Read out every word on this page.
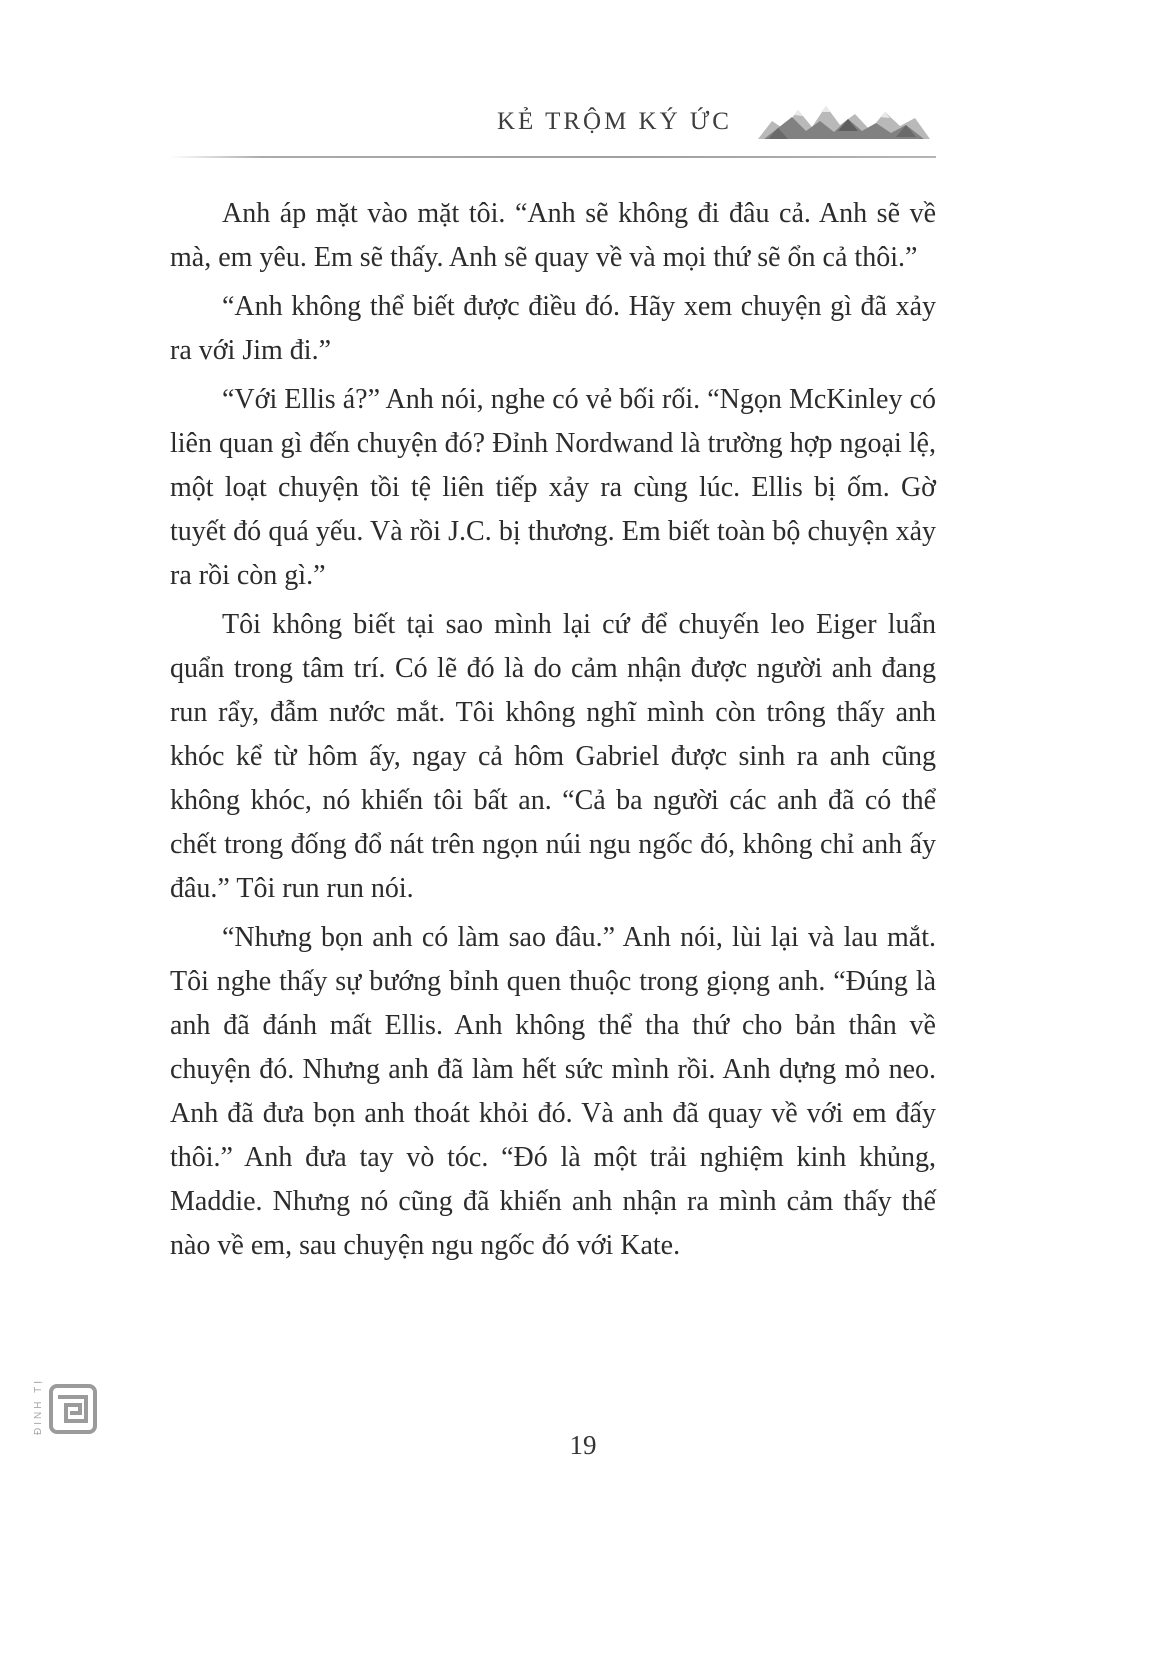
KẺ TRỘM KÝ ỨC

Anh áp mặt vào mặt tôi. “Anh sẽ không đi đâu cả. Anh sẽ về mà, em yêu. Em sẽ thấy. Anh sẽ quay về và mọi thứ sẽ ổn cả thôi.”

“Anh không thể biết được điều đó. Hãy xem chuyện gì đã xảy ra với Jim đi.”

“Với Ellis á?” Anh nói, nghe có vẻ bối rối. “Ngọn McKinley có liên quan gì đến chuyện đó? Đỉnh Nordwand là trường hợp ngoại lệ, một loạt chuyện tồi tệ liên tiếp xảy ra cùng lúc. Ellis bị ốm. Gờ tuyết đó quá yếu. Và rồi J.C. bị thương. Em biết toàn bộ chuyện xảy ra rồi còn gì.”

Tôi không biết tại sao mình lại cứ để chuyến leo Eiger luẩn quẩn trong tâm trí. Có lẽ đó là do cảm nhận được người anh đang run rẩy, đẫm nước mắt. Tôi không nghĩ mình còn trông thấy anh khóc kể từ hôm ấy, ngay cả hôm Gabriel được sinh ra anh cũng không khóc, nó khiến tôi bất an. “Cả ba người các anh đã có thể chết trong đống đổ nát trên ngọn núi ngu ngốc đó, không chỉ anh ấy đâu.” Tôi run run nói.

“Nhưng bọn anh có làm sao đâu.” Anh nói, lùi lại và lau mắt. Tôi nghe thấy sự bướng bỉnh quen thuộc trong giọng anh. “Đúng là anh đã đánh mất Ellis. Anh không thể tha thứ cho bản thân về chuyện đó. Nhưng anh đã làm hết sức mình rồi. Anh dựng mỏ neo. Anh đã đưa bọn anh thoát khỏi đó. Và anh đã quay về với em đấy thôi.” Anh đưa tay vò tóc. “Đó là một trải nghiệm kinh khủng, Maddie. Nhưng nó cũng đã khiến anh nhận ra mình cảm thấy thế nào về em, sau chuyện ngu ngốc đó với Kate.

ĐINH TỊ
19
